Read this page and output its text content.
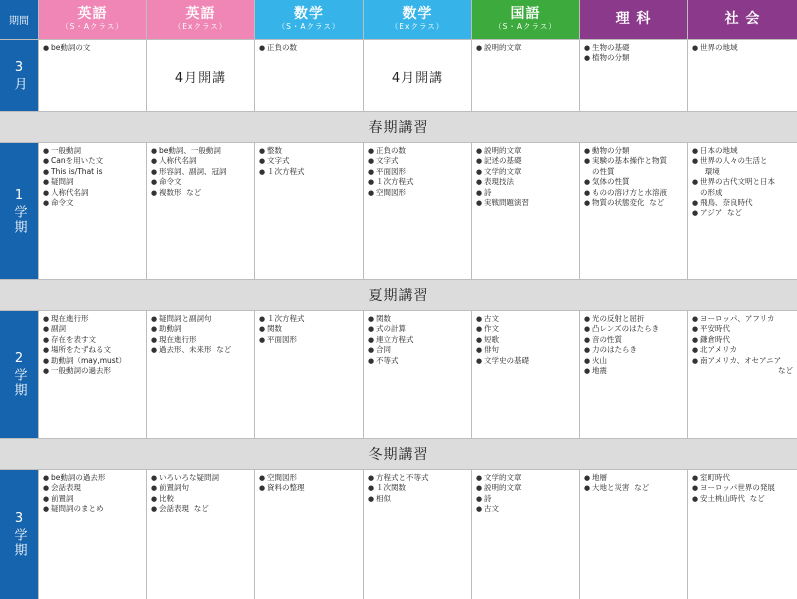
期間	英語
（S・Aクラス）
英語
（Exクラス）
数学
（S・Aクラス）
数学
（Exクラス）
国語
（S・Aクラス）	理 科	社 会
3月
● be動詞の文
4月開講
● 正負の数
4月開講
● 説明的文章
●	生物の基礎
● 植物の分類
● 世界の地域
春期講習
1学期
● 一般動詞
● Canを用いた文
● This is/That is
● 疑問詞
● 人称代名詞
● 命令文
● be動詞、一般動詞
● 人称代名詞
● 形容詞、副詞、冠詞
● 命令文
● 複数形  など
● 整数
● 文字式
● １次方程式
● 正負の数
● 文字式
● 平面図形
● １次方程式
● 空間図形
● 説明的文章
● 記述の基礎
● 文学的文章
● 表現技法
● 詩
● 実戦問題演習
● 動物の分類
● 実験の基本操作と物質
の性質
● 気体の性質
● ものの溶け方と水溶液
● 物質の状態変化  など
● 日本の地域
● 世界の人々の生活と
環境
● 世界の古代文明と日本
の形成
● 飛鳥、奈良時代
● アジア  など
夏期講習
2学期
● 現在進行形
● 副詞
● 存在を表す文
● 場所をたずねる文
● 助動詞（may,must）
● 一般動詞の過去形
● 疑問詞と副詞句
● 助動詞
● 現在進行形
● 過去形、未来形  など
● １次方程式
● 関数
● 平面図形
● 関数
● 式の計算
● 連立方程式
● 合同
● 不等式
● 古文
● 作文
● 短歌
● 俳句
● 文学史の基礎
● 光の反射と屈折
● 凸レンズのはたらき
● 音の性質
● 力のはたらき
● 火山
● 地震
● ヨーロッパ、アフリカ
● 平安時代
● 鎌倉時代
● 北アメリカ
● 南アメリカ、オセアニア
など
冬期講習
3学期
● be動詞の過去形
● 会話表現
● 前置詞
● 疑問詞のまとめ
● いろいろな疑問詞
● 前置詞句
● 比較
● 会話表現  など
● 空間図形
● 資料の整理
● 方程式と不等式
● １次関数
● 相似
● 文学的文章
● 説明的文章
● 詩
● 古文
● 地層
● 大地と災害  など
● 室町時代
● ヨーロッパ世界の発展
● 安土桃山時代  など
